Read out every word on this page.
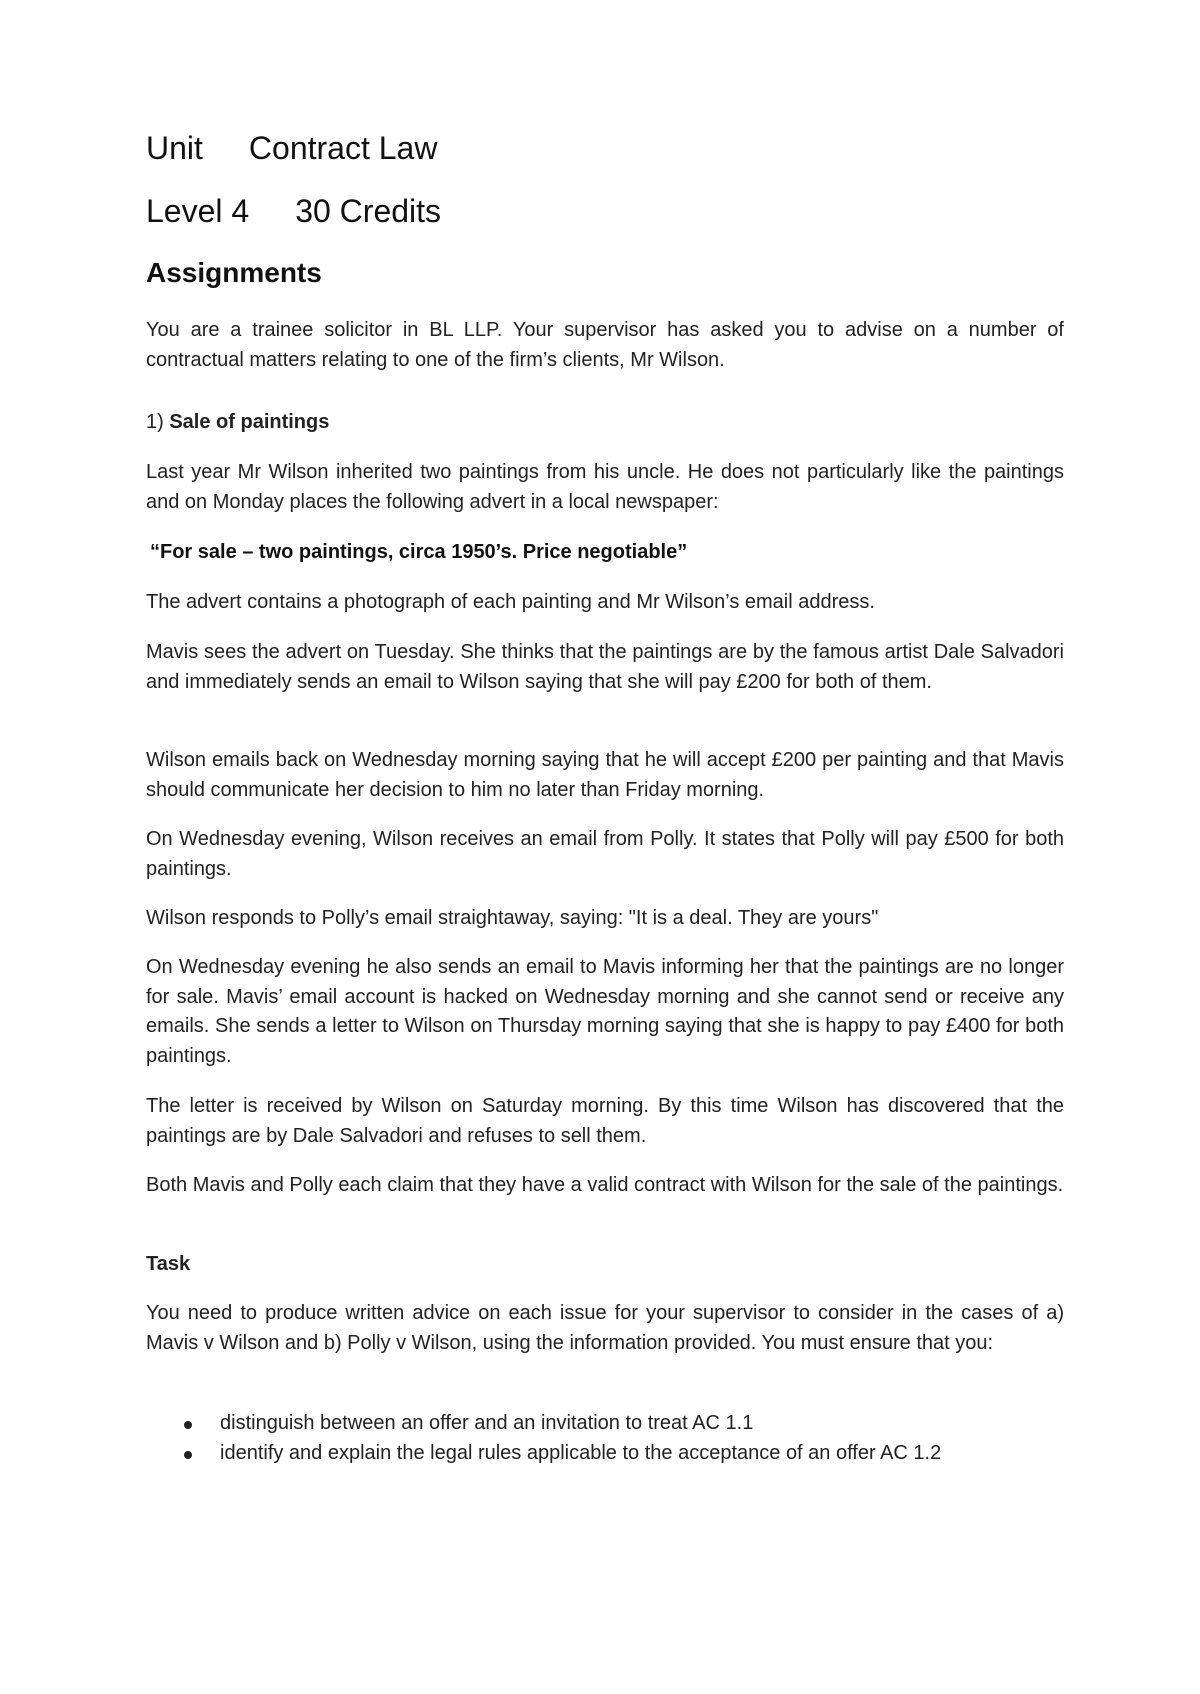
Unit Contract Law
Level 4 30 Credits
Assignments
You are a trainee solicitor in BL LLP. Your supervisor has asked you to advise on a number of contractual matters relating to one of the firm’s clients, Mr Wilson.
1) Sale of paintings
Last year Mr Wilson inherited two paintings from his uncle. He does not particularly like the paintings and on Monday places the following advert in a local newspaper:
“For sale – two paintings, circa 1950’s. Price negotiable”
The advert contains a photograph of each painting and Mr Wilson’s email address.
Mavis sees the advert on Tuesday. She thinks that the paintings are by the famous artist Dale Salvadori and immediately sends an email to Wilson saying that she will pay £200 for both of them.
Wilson emails back on Wednesday morning saying that he will accept £200 per painting and that Mavis should communicate her decision to him no later than Friday morning.
On Wednesday evening, Wilson receives an email from Polly. It states that Polly will pay £500 for both paintings.
Wilson responds to Polly’s email straightaway, saying: "It is a deal. They are yours"
On Wednesday evening he also sends an email to Mavis informing her that the paintings are no longer for sale. Mavis’ email account is hacked on Wednesday morning and she cannot send or receive any emails. She sends a letter to Wilson on Thursday morning saying that she is happy to pay £400 for both paintings.
The letter is received by Wilson on Saturday morning. By this time Wilson has discovered that the paintings are by Dale Salvadori and refuses to sell them.
Both Mavis and Polly each claim that they have a valid contract with Wilson for the sale of the paintings.
Task
You need to produce written advice on each issue for your supervisor to consider in the cases of a) Mavis v Wilson and b) Polly v Wilson, using the information provided. You must ensure that you:
distinguish between an offer and an invitation to treat AC 1.1
identify and explain the legal rules applicable to the acceptance of an offer AC 1.2
